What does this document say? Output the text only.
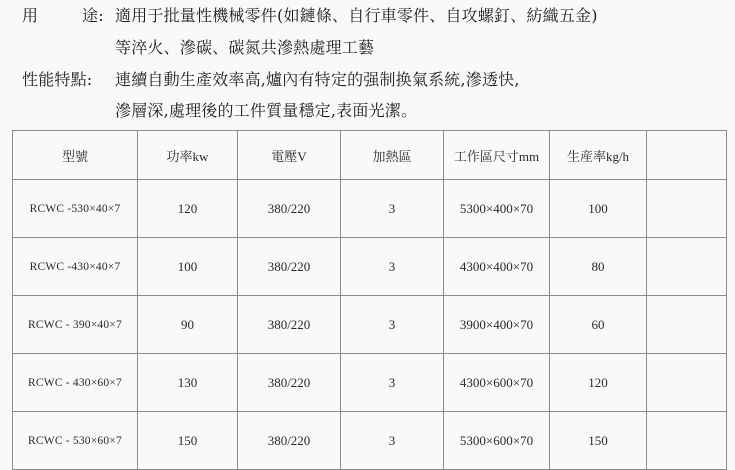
用	途: 適用于批量性機械零件(如鏈條、自行車零件、自攻螺釘、紡織五金)
等淬火、滲碳、碳氮共滲熱處理工藝
性能特點: 連續自動生產效率高,爐內有特定的强制换氣系統,滲透快,
滲層深,處理後的工件質量穩定,表面光潔。
型號	功率kw	電壓V	加熱區	工作區尺寸mm	生産率kg/h	
RCWC -530×40×7	120	380/220	3	5300×400×70	100	
RCWC -430×40×7	100	380/220	3	4300×400×70	80	
RCWC - 390×40×7	90	380/220	3	3900×400×70	60	
RCWC - 430×60×7	130	380/220	3	4300×600×70	120	
RCWC - 530×60×7	150	380/220	3	5300×600×70	150	
